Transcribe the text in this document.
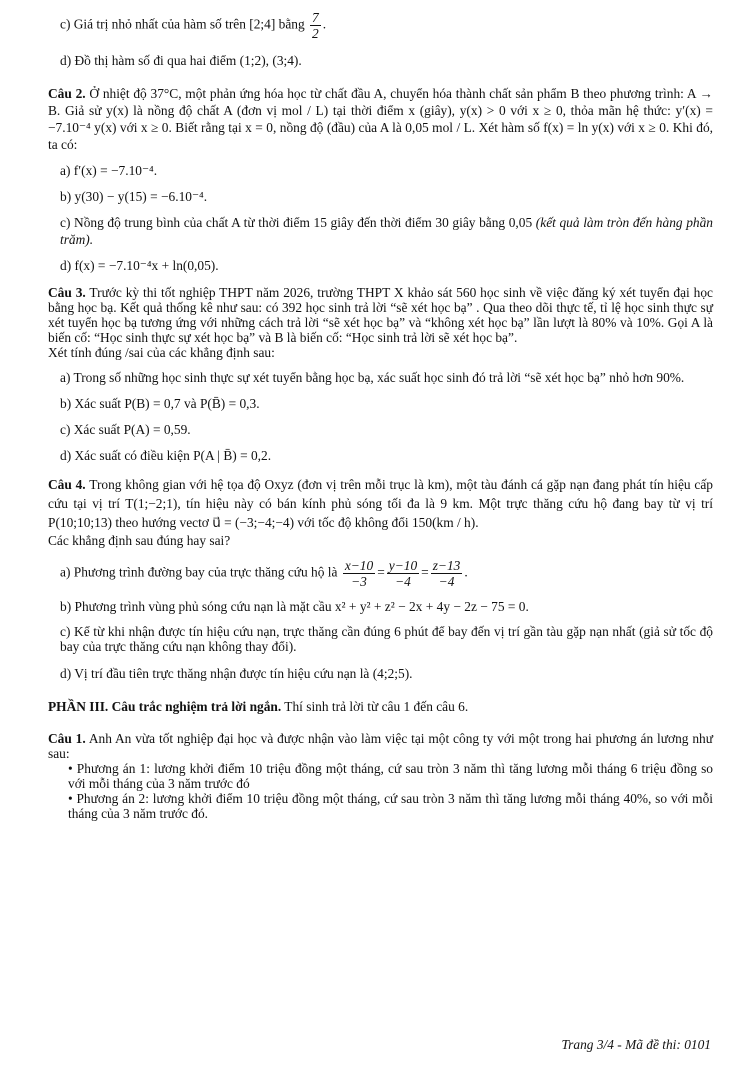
c) Giá trị nhỏ nhất của hàm số trên [2;4] bằng $\frac{7}{2}$ .

d) Đồ thị hàm số đi qua hai điểm (1;2), (3;4).

Câu 2. Ở nhiệt độ 37°C, một phản ứng hóa học từ chất đầu A, chuyển hóa thành chất sản phẩm B theo phương trình: A → B. Giả sử y(x) là nồng độ chất A (đơn vị mol / L) tại thời điểm x (giây), y(x) > 0 với x ≥ 0, thỏa mãn hệ thức: y′(x) = −7.10⁻⁴ y(x) với x ≥ 0. Biết rằng tại x = 0, nồng độ (đầu) của A là 0,05 mol / L. Xét hàm số f(x) = ln y(x) với x ≥ 0. Khi đó, ta có:

a) f′(x) = −7.10⁻⁴.

b) y(30) − y(15) = −6.10⁻⁴.

c) Nồng độ trung bình của chất A từ thời điểm 15 giây đến thời điểm 30 giây bằng 0,05 (kết quả làm tròn đến hàng phần trăm).

d) f(x) = −7.10⁻⁴x + ln(0,05).

Câu 3. Trước kỳ thi tốt nghiệp THPT năm 2026, trường THPT X khảo sát 560 học sinh về việc đăng ký xét tuyển đại học bằng học bạ. Kết quả thống kê như sau: có 392 học sinh trả lời “sẽ xét học bạ” . Qua theo dõi thực tế, tỉ lệ học sinh thực sự xét tuyển học bạ tương ứng với những cách trả lời “sẽ xét học bạ” và “không xét học bạ” lần lượt là 80% và 10%. Gọi A là biến cố: “Học sinh thực sự xét học bạ” và B là biến cố: “Học sinh trả lời sẽ xét học bạ”.

Xét tính đúng /sai của các khẳng định sau:

a) Trong số những học sinh thực sự xét tuyển bằng học bạ, xác suất học sinh đó trả lời “sẽ xét học bạ” nhỏ hơn 90%.

b) Xác suất P(B) = 0,7 và P(B̄) = 0,3.

c) Xác suất P(A) = 0,59.

d) Xác suất có điều kiện P(A | B̄) = 0,2.

Câu 4. Trong không gian với hệ tọa độ Oxyz (đơn vị trên mỗi trục là km), một tàu đánh cá gặp nạn đang phát tín hiệu cấp cứu tại vị trí T(1;−2;1), tín hiệu này có bán kính phủ sóng tối đa là 9 km. Một trực thăng cứu hộ đang bay từ vị trí P(10;10;13) theo hướng vectơ u⃗ = (−3;−4;−4) với tốc độ không đổi 150(km / h).

Các khẳng định sau đúng hay sai?

a) Phương trình đường bay của trực thăng cứu hộ là $\frac{x-10}{-3} = \frac{y-10}{-4} = \frac{z-13}{-4}$ .

b) Phương trình vùng phủ sóng cứu nạn là mặt cầu x² + y² + z² − 2x + 4y − 2z − 75 = 0.

c) Kể từ khi nhận được tín hiệu cứu nạn, trực thăng cần đúng 6 phút để bay đến vị trí gần tàu gặp nạn nhất (giả sử tốc độ bay của trực thăng cứu nạn không thay đổi).

d) Vị trí đầu tiên trực thăng nhận được tín hiệu cứu nạn là (4;2;5).

PHẦN III. Câu trắc nghiệm trả lời ngắn. Thí sinh trả lời từ câu 1 đến câu 6.

Câu 1. Anh An vừa tốt nghiệp đại học và được nhận vào làm việc tại một công ty với một trong hai phương án lương như sau:

• Phương án 1: lương khởi điểm 10 triệu đồng một tháng, cứ sau tròn 3 năm thì tăng lương mỗi tháng 6 triệu đồng so với mỗi tháng của 3 năm trước đó

• Phương án 2: lương khởi điểm 10 triệu đồng một tháng, cứ sau tròn 3 năm thì tăng lương mỗi tháng 40%, so với mỗi tháng của 3 năm trước đó.

Trang 3/4 - Mã đề thi: 0101
